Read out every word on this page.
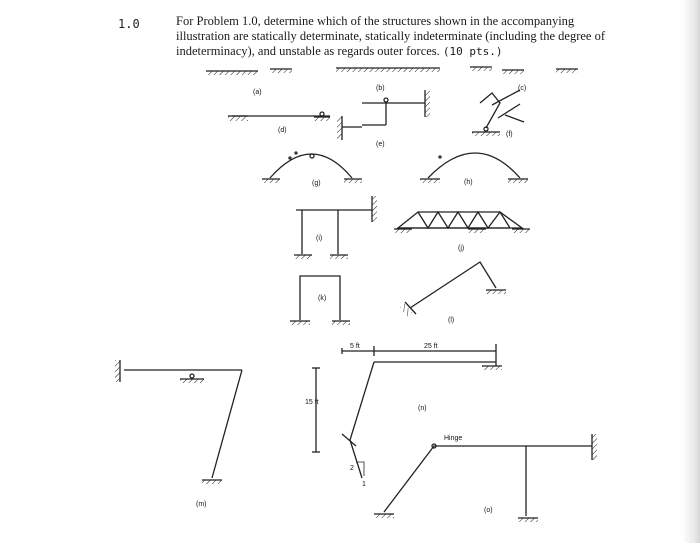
1.0	For Problem 1.0, determine which of the structures shown in the accompanying
illustration are statically determinate, statically indeterminate (including the degree of
indeterminacy), and unstable as regards outer forces. (10 pts.)
(a)
(b)	(c)
(d)
(e)
(f)
(g)	(h)
(i)
(j)
(k)
(l)
(m)
(n)
(o)
5 ft	25 ft
15 ft
2
1
Hinge
